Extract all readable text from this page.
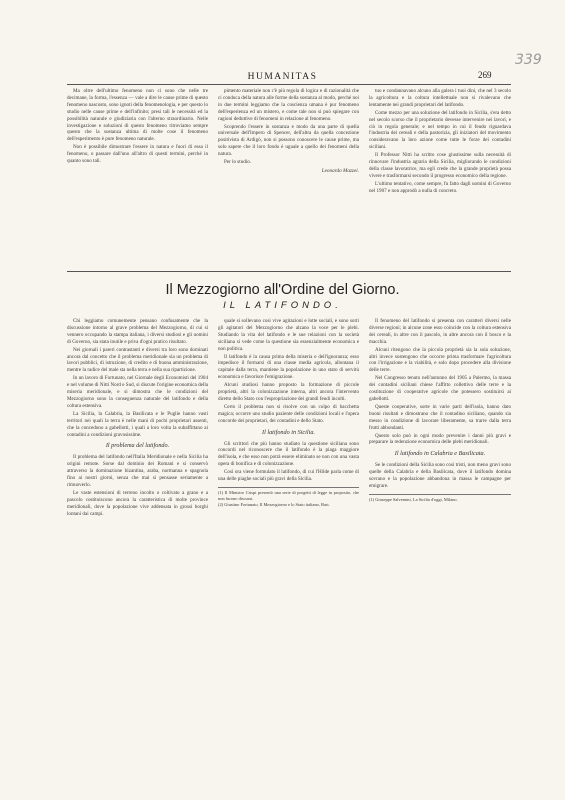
HUMANITAS	269
339

Ma oltre dell'ultimo fenomeno non ci sono che nelle tre decimane, la forma, l'essenza — vale a dire le cause prime di questo fenomeno nascosto, sono ignoti della fenomenologia, e per questo lo studio nelle cause prime e dell'infinito; presi tali le necessità ed la possibilità naturale e giudiziaria con l'alterno straordinario. Nelle investigazione e soluzioni di questo fenomeno ritroviamo sempre questo che la sostanza ultima di molte cose il fenomeno dell'esperimento è pure fenomeno naturale.

Non è possibile dimostrare l'essere in natura e fuori di essa il fenomeno, o passare dall'uno all'altro di questi termini, perché in quanto sono tali.

pimento materiale non c'è più regola di logica e di razionalità che ci conduca della natura alle forme della sostanza al modo, perché noi in due termini leggiamo che la coscienza umana è pur fenomeno dell'esperienza ed un mistero, e come tale non si può spiegare con ragioni deduttive di fenomeni in relazione al fenomeno.

Scoprendo l'essere in sostanza e modo da una parte di quella universale dell'Impero di Spencer, dell'altra da quella concezione positivista di Ardigò, non si possono conoscere le cause prime, ma solo sapere che il loro fondo è uguale a quello dei fenomeni della natura.

Per lo studio.

Leonardo Mazzei.

tuo e condannavano alcuno alla galera i tuoi dini, che nel 3 secolo la agricoltura e la coltura intellettuale non si rivalevano che lentamente nei grandi proprietari del latifondo.

Come mezzo per una soluzione del latifondo in Sicilia, s'era detto nel secolo scorso che il proprietario devesse intervenire nei lavori, e ciò in regola generale; e nel tempo in cui il feudo riguardava l'industria dei cereali e della pastorizia, gli iniziatori del movimento consideravano la loro azione come tutte le forze dei contadini siciliani.

Il Professor Nitti ha scritto cose giustissime sulla necessità di rinnovare l'industria agraria della Sicilia, migliorando le condizioni della classe lavoratrice, ma egli crede che la grande proprietà possa vivere e trasformarsi secondo il progresso economico della regione.

L'ultimo tentativo, come sempre, fu fatto dagli uomini di Governo nel 1907 e non approdò a nulla di concreto.

Il Mezzogiorno all'Ordine del Giorno.
IL LATIFONDO.

Chi leggiamo comunemente pensano confusamente che la discussione intorno al grave problema del Mezzogiorno, di cui si vennero occupando la stampa italiana, i diversi studiosi e gli uomini di Governo, sia stata inutile e priva d'ogni pratico risultato.

Nei giornali i pareri contrastanti e diversi tra loro sono dominati ancora dal concetto che il problema meridionale sia un problema di lavori pubblici, di istruzione, di credito e di buona amministrazione, mentre la radice del male sta nella terra e nella sua ripartizione.

In un lavoro di Fortunato, nel Giornale degli Economisti del 1904 e nel volume di Nitti Nord e Sud, si discute l'origine economica della miseria meridionale, e si dimostra che le condizioni del Mezzogiorno sono la conseguenza naturale del latifondo e della coltura estensiva.

La Sicilia, la Calabria, la Basilicata e le Puglie hanno vasti territori nei quali la terra è nelle mani di pochi proprietari assenti, che la concedono a gabellotti, i quali a loro volta la subaffittano ai contadini a condizioni gravosissime.

Il problema del latifondo.

Il problema del latifondo nell'Italia Meridionale e nella Sicilia ha origini remote. Sorse dal dominio dei Romani e si conservò attraverso la dominazione bizantina, araba, normanna e spagnola fino ai nostri giorni, senza che mai si pensasse seriamente a rimuoverlo.

Le vaste estensioni di terreno incolto o coltivato a grano e a pascolo costituiscono ancora la caratteristica di molte province meridionali, dove la popolazione vive addensata in grossi borghi lontani dai campi.

quale si sollevano così vive agitazioni e lotte sociali, e sono sorti gli agitatori del Mezzogiorno che alzano la voce per le plebi. Studiando la vita del latifondo e le sue relazioni con la società siciliana si vede come la questione sia essenzialmente economica e non politica.

Il latifondo è la causa prima della miseria e dell'ignoranza; esso impedisce il formarsi di una classe media agricola, allontana il capitale dalla terra, mantiene la popolazione in uno stato di servitù economica e favorisce l'emigrazione.

Alcuni studiosi hanno proposto la formazione di piccole proprietà, altri la colonizzazione interna, altri ancora l'intervento diretto dello Stato con l'espropriazione dei grandi feudi incolti.

Certo il problema non si risolve con un colpo di bacchetta magica; occorre uno studio paziente delle condizioni locali e l'opera concorde dei proprietari, dei contadini e dello Stato.

Il latifondo in Sicilia.

Gli scrittori che più hanno studiato la questione siciliana sono concordi nel riconoscere che il latifondo è la piaga maggiore dell'isola, e che esso non potrà essere eliminato se non con una vasta opera di bonifica e di colonizzazione.

Così ora viene formulato il latifondo, di cui l'Hilde parla come di una delle piaghe sociali più gravi della Sicilia.

(1) Il Ministro Crispi presentò una serie di progetti di legge in proposito, che non furono discussi.

(2) Giustino Fortunato, Il Mezzogiorno e lo Stato italiano, Bari.

Il fenomeno del latifondo si presenta con caratteri diversi nelle diverse regioni; in alcune zone esso coincide con la coltura estensiva dei cereali, in altre con il pascolo, in altre ancora con il bosco e la macchia.

Alcuni ritengono che la piccola proprietà sia la sola soluzione, altri invece sostengono che occorre prima trasformare l'agricoltura con l'irrigazione e la viabilità, e solo dopo procedere alla divisione delle terre.

Nel Congresso tenuto nell'autunno del 1905 a Palermo, la massa dei contadini siciliani chiese l'affitto collettivo delle terre e la costituzione di cooperative agricole che potessero sostituirsi ai gabellotti.

Queste cooperative, sorte in varie parti dell'isola, hanno dato buoni risultati e dimostrano che il contadino siciliano, quando sia messo in condizione di lavorare liberamente, sa trarre dalla terra frutti abbondanti.

Questo solo può in ogni modo prevenire i danni più gravi e preparare la redenzione economica delle plebi meridionali.

Il latifondo in Calabria e Basilicata.

Se le condizioni della Sicilia sono così tristi, non meno gravi sono quelle della Calabria e della Basilicata, dove il latifondo domina sovrano e la popolazione abbandona in massa le campagne per emigrare.

(1) Giuseppe Salvemini, La Sicilia d'oggi, Milano.
